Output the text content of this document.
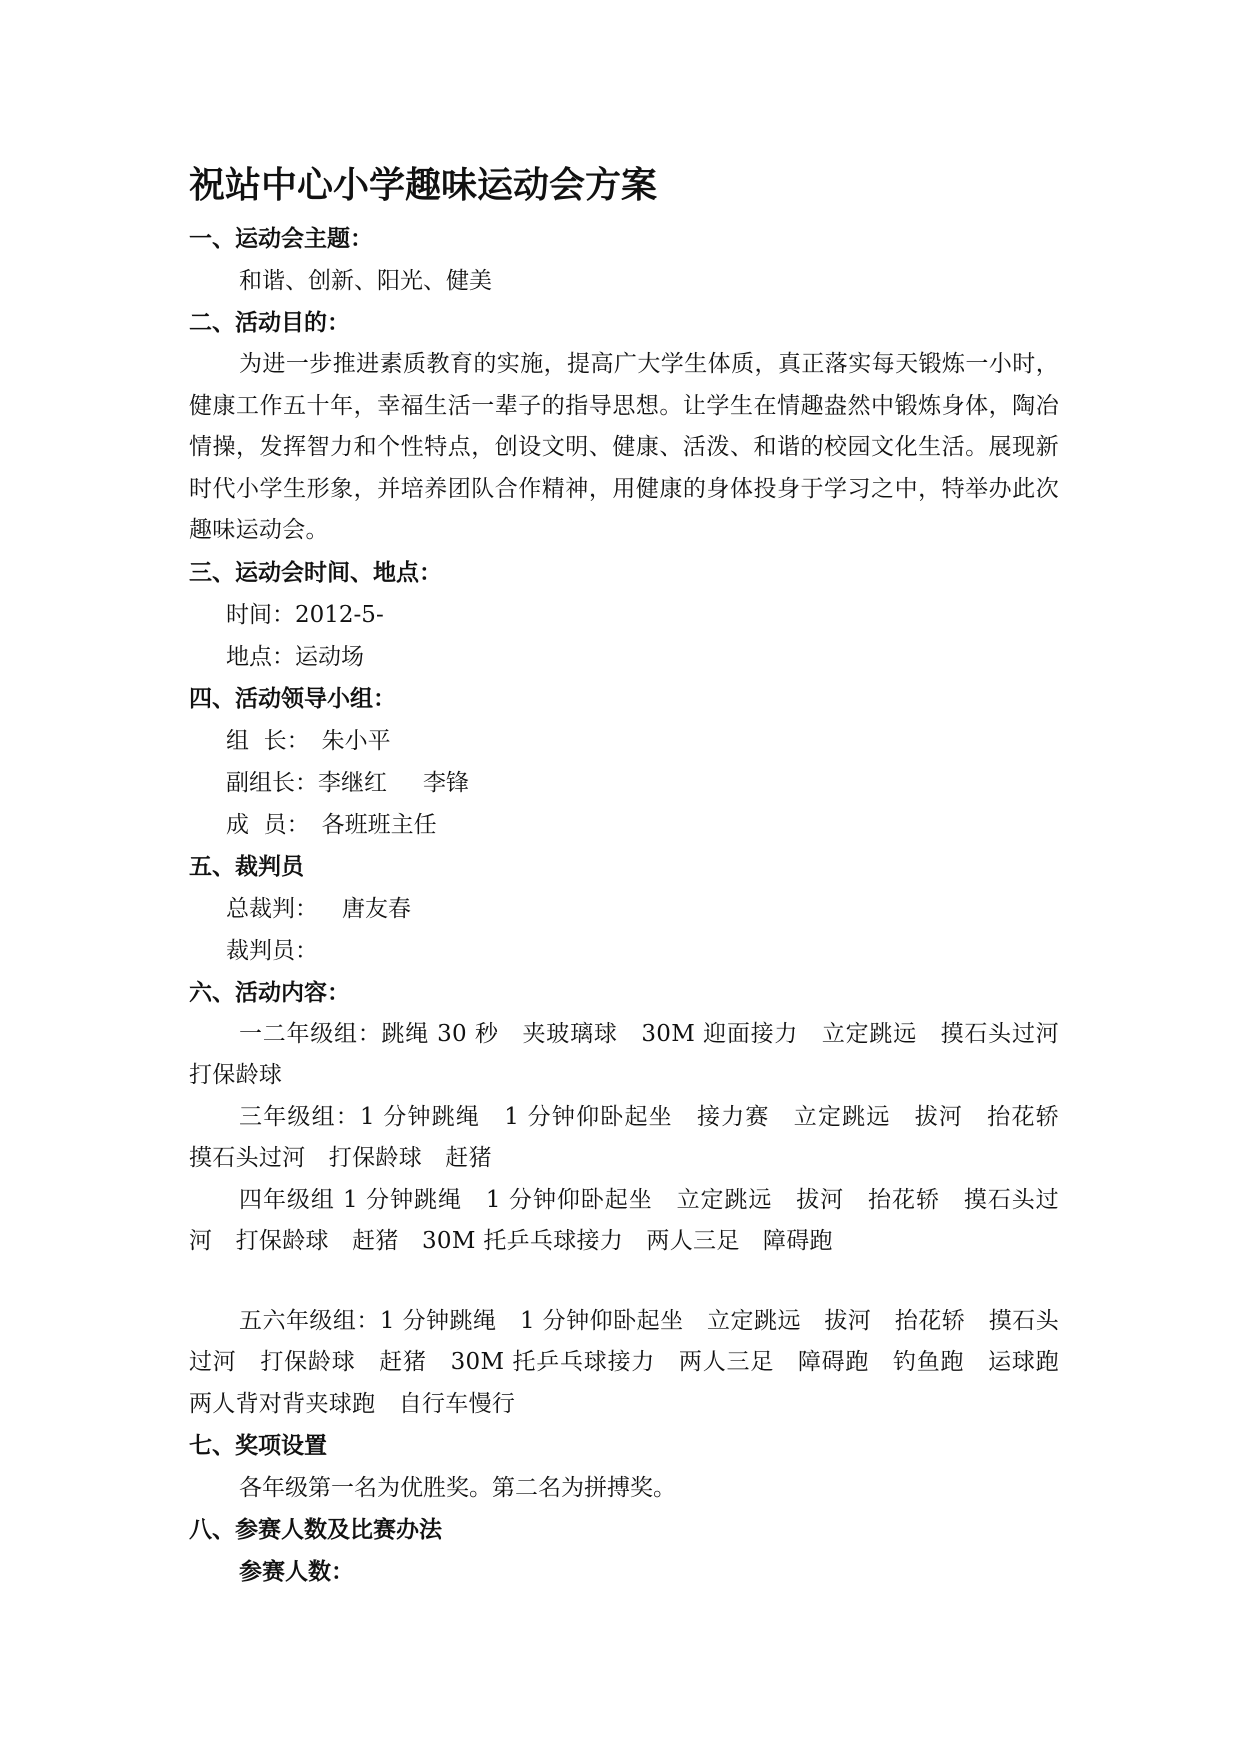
祝站中心小学趣味运动会方案
一、运动会主题：
和谐、创新、阳光、健美
二、活动目的：
为进一步推进素质教育的实施，提高广大学生体质，真正落实每天锻炼一小时，健康工作五十年，幸福生活一辈子的指导思想。让学生在情趣盎然中锻炼身体，陶冶情操，发挥智力和个性特点，创设文明、健康、活泼、和谐的校园文化生活。展现新时代小学生形象，并培养团队合作精神，用健康的身体投身于学习之中，特举办此次趣味运动会。
三、运动会时间、地点：
时间：2012-5-
地点：运动场
四、活动领导小组：
组  长： 朱小平
副组长：李继红 李锋
成  员： 各班班主任
五、裁判员
总裁判： 唐友春
裁判员：
六、活动内容：
一二年级组：跳绳 30 秒　夹玻璃球　30M 迎面接力　立定跳远　摸石头过河　打保龄球
三年级组：1 分钟跳绳　1 分钟仰卧起坐　接力赛　立定跳远　拔河　抬花轿　摸石头过河　打保龄球　赶猪
四年级组 1 分钟跳绳　1 分钟仰卧起坐　立定跳远　拔河　抬花轿　摸石头过河　打保龄球　赶猪　30M 托乒乓球接力　两人三足　障碍跑
五六年级组：1 分钟跳绳　1 分钟仰卧起坐　立定跳远　拔河　抬花轿　摸石头过河　打保龄球　赶猪　30M 托乒乓球接力　两人三足　障碍跑　钓鱼跑　运球跑　两人背对背夹球跑　自行车慢行
七、奖项设置
各年级第一名为优胜奖。第二名为拼搏奖。
八、参赛人数及比赛办法
参赛人数：
